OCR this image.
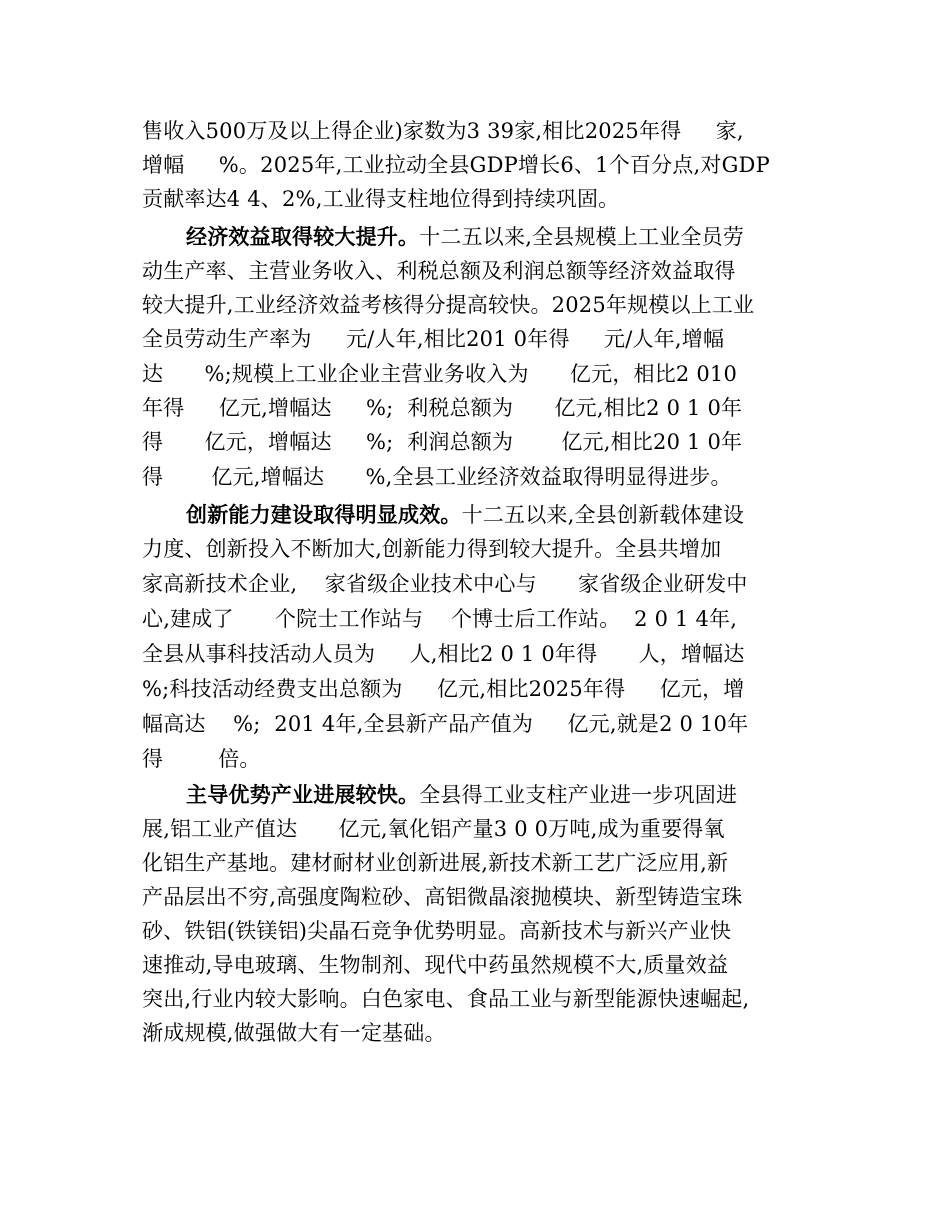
售收入500万及以上得企业)家数为3 39家,相比2025年得     家,
增幅     %。2025年,工业拉动全县GDP增长6、1个百分点,对GDP
贡献率达4 4、2%,工业得支柱地位得到持续巩固。
经济效益取得较大提升。十二五以来,全县规模上工业全员劳
动生产率、主营业务收入、利税总额及利润总额等经济效益取得
较大提升,工业经济效益考核得分提高较快。2025年规模以上工业
全员劳动生产率为     元/人年,相比201 0年得     元/人年,增幅
达      %;规模上工业企业主营业务收入为      亿元，相比2 010
年得     亿元,增幅达     %;  利税总额为      亿元,相比2 0 1 0年
得      亿元，增幅达     %;  利润总额为       亿元,相比20 1 0年
得       亿元,增幅达      %,全县工业经济效益取得明显得进步。
创新能力建设取得明显成效。十二五以来,全县创新载体建设
力度、创新投入不断加大,创新能力得到较大提升。全县共增加
家高新技术企业,    家省级企业技术中心与      家省级企业研发中
心,建成了      个院士工作站与    个博士后工作站。  2 0 1 4年,
全县从事科技活动人员为     人,相比2 0 1 0年得      人，增幅达
%;科技活动经费支出总额为     亿元,相比2025年得     亿元，增
幅高达    %;  201 4年,全县新产品产值为     亿元,就是2 0 10年
得        倍。
主导优势产业进展较快。全县得工业支柱产业进一步巩固进
展,铝工业产值达      亿元,氧化铝产量3 0 0万吨,成为重要得氧
化铝生产基地。建材耐材业创新进展,新技术新工艺广泛应用,新
产品层出不穷,高强度陶粒砂、高铝微晶滚抛模块、新型铸造宝珠
砂、铁铝(铁镁铝)尖晶石竞争优势明显。高新技术与新兴产业快
速推动,导电玻璃、生物制剂、现代中药虽然规模不大,质量效益
突出,行业内较大影响。白色家电、食品工业与新型能源快速崛起,
渐成规模,做强做大有一定基础。
